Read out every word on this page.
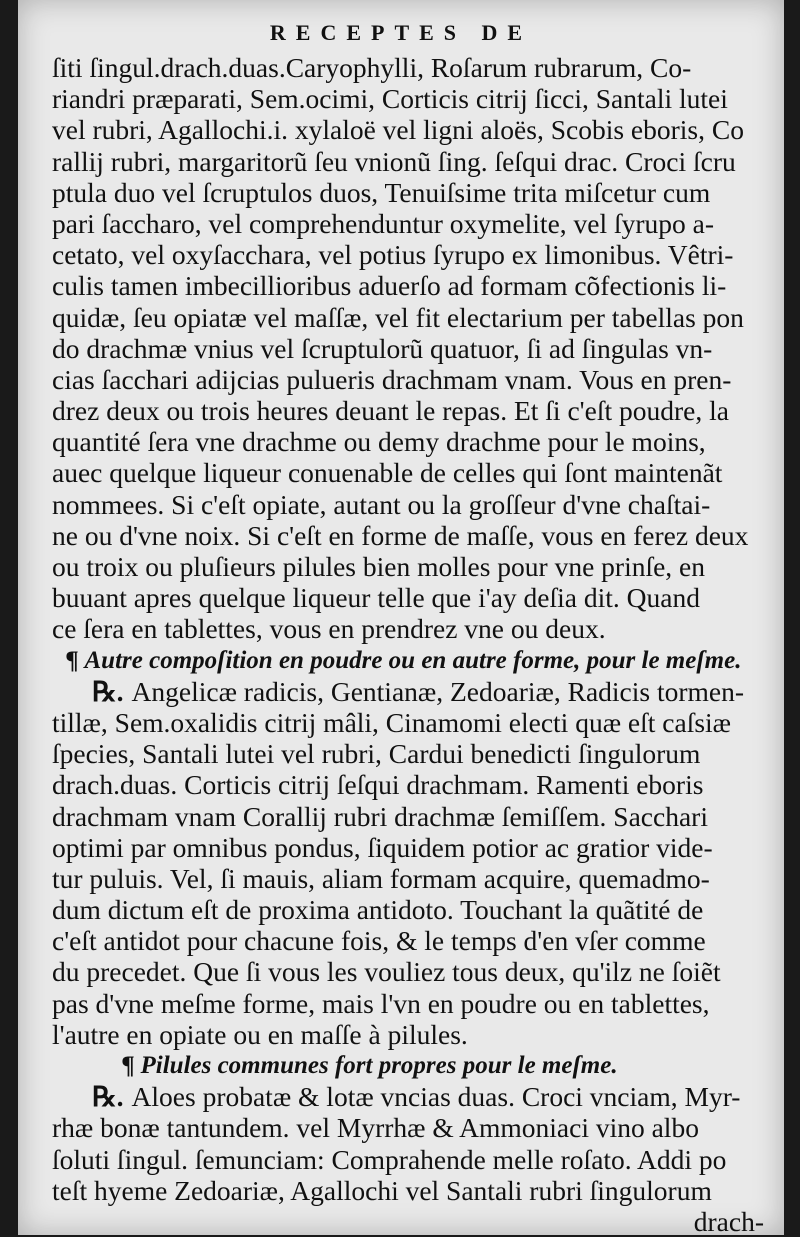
RECEPTES DE
ſiti ſingul.drach.duas.Caryophylli, Roſarum rubrarum, Co-
riandri præparati, Sem.ocimi, Corticis citrij ſicci, Santali lutei
vel rubri, Agallochi.i. xylaloë vel ligni aloës, Scobis eboris, Co
rallij rubri, margaritorũ ſeu vnionũ ſing. ſeſqui drac. Croci ſcru
ptula duo vel ſcruptulos duos, Tenuiſsime trita miſcetur cum
pari ſaccharo, vel comprehenduntur oxymelite, vel ſyrupo a-
cetato, vel oxyſacchara, vel potius ſyrupo ex limonibus. Vêtri-
culis tamen imbecillioribus aduerſo ad formam cõfectionis li-
quidæ, ſeu opiatæ vel maſſæ, vel fit electarium per tabellas pon
do drachmæ vnius vel ſcruptulorũ quatuor, ſi ad ſingulas vn-
cias ſacchari adijcias pulueris drachmam vnam. Vous en pren-
drez deux ou trois heures deuant le repas. Et ſi c'eſt poudre, la
quantité ſera vne drachme ou demy drachme pour le moins,
auec quelque liqueur conuenable de celles qui ſont maintenãt
nommees. Si c'eſt opiate, autant ou la groſſeur d'vne chaſtai-
ne ou d'vne noix. Si c'eſt en forme de maſſe, vous en ferez deux
ou troix ou pluſieurs pilules bien molles pour vne prinſe, en
buuant apres quelque liqueur telle que i'ay deſia dit. Quand
ce ſera en tablettes, vous en prendrez vne ou deux.
¶ Autre compoſition en poudre ou en autre forme, pour le meſme.
℞. Angelicæ radicis, Gentianæ, Zedoariæ, Radicis tormen-
tillæ, Sem.oxalidis citrij mâli, Cinamomi electi quæ eſt caſsiæ
ſpecies, Santali lutei vel rubri, Cardui benedicti ſingulorum
drach.duas. Corticis citrij ſeſqui drachmam. Ramenti eboris
drachmam vnam Corallij rubri drachmæ ſemiſſem. Sacchari
optimi par omnibus pondus, ſiquidem potior ac gratior vide-
tur puluis. Vel, ſi mauis, aliam formam acquire, quemadmo-
dum dictum eſt de proxima antidoto. Touchant la quãtité de
c'eſt antidot pour chacune fois, & le temps d'en vſer comme
du precedet. Que ſi vous les vouliez tous deux, qu'ilz ne ſoiẽt
pas d'vne meſme forme, mais l'vn en poudre ou en tablettes,
l'autre en opiate ou en maſſe à pilules.
¶ Pilules communes fort propres pour le meſme.
℞. Aloes probatæ & lotæ vncias duas. Croci vnciam, Myr-
rhæ bonæ tantundem. vel Myrrhæ & Ammoniaci vino albo
ſoluti ſingul. ſemunciam: Comprahende melle roſato. Addi po
teſt hyeme Zedoariæ, Agallochi vel Santali rubri ſingulorum
drach-
